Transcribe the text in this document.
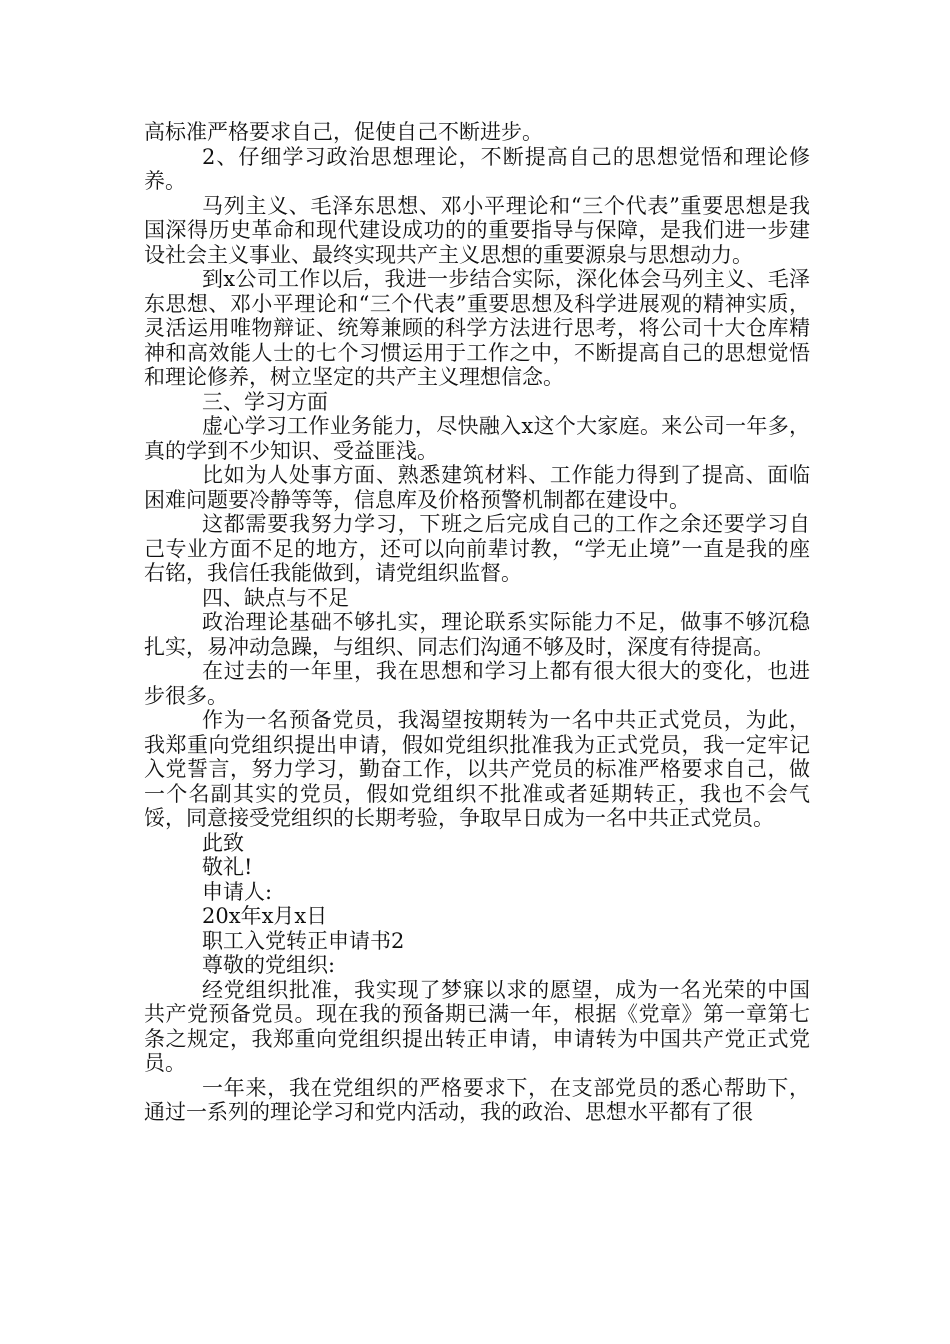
高标准严格要求自己，促使自己不断进步。

2、仔细学习政治思想理论，不断提高自己的思想觉悟和理论修养。

马列主义、毛泽东思想、邓小平理论和“三个代表”重要思想是我国深得历史革命和现代建设成功的的重要指导与保障，是我们进一步建设社会主义事业、最终实现共产主义思想的重要源泉与思想动力。

到x公司工作以后，我进一步结合实际，深化体会马列主义、毛泽东思想、邓小平理论和“三个代表”重要思想及科学进展观的精神实质，灵活运用唯物辩证、统筹兼顾的科学方法进行思考，将公司十大仓库精神和高效能人士的七个习惯运用于工作之中，不断提高自己的思想觉悟和理论修养，树立坚定的共产主义理想信念。

三、学习方面

虚心学习工作业务能力，尽快融入x这个大家庭。来公司一年多，真的学到不少知识、受益匪浅。

比如为人处事方面、熟悉建筑材料、工作能力得到了提高、面临困难问题要冷静等等，信息库及价格预警机制都在建设中。

这都需要我努力学习，下班之后完成自己的工作之余还要学习自己专业方面不足的地方，还可以向前辈讨教，“学无止境”一直是我的座右铭，我信任我能做到，请党组织监督。

四、缺点与不足

政治理论基础不够扎实，理论联系实际能力不足，做事不够沉稳扎实，易冲动急躁，与组织、同志们沟通不够及时，深度有待提高。

在过去的一年里，我在思想和学习上都有很大很大的变化，也进步很多。

作为一名预备党员，我渴望按期转为一名中共正式党员，为此，我郑重向党组织提出申请，假如党组织批准我为正式党员，我一定牢记入党誓言，努力学习，勤奋工作，以共产党员的标准严格要求自己，做一个名副其实的党员，假如党组织不批准或者延期转正，我也不会气馁，同意接受党组织的长期考验，争取早日成为一名中共正式党员。

此致

敬礼!

申请人:

20x年x月x日

职工入党转正申请书2

尊敬的党组织:

经党组织批准，我实现了梦寐以求的愿望，成为一名光荣的中国共产党预备党员。现在我的预备期已满一年，根据《党章》第一章第七条之规定，我郑重向党组织提出转正申请，申请转为中国共产党正式党员。

一年来，我在党组织的严格要求下，在支部党员的悉心帮助下，通过一系列的理论学习和党内活动，我的政治、思想水平都有了很
